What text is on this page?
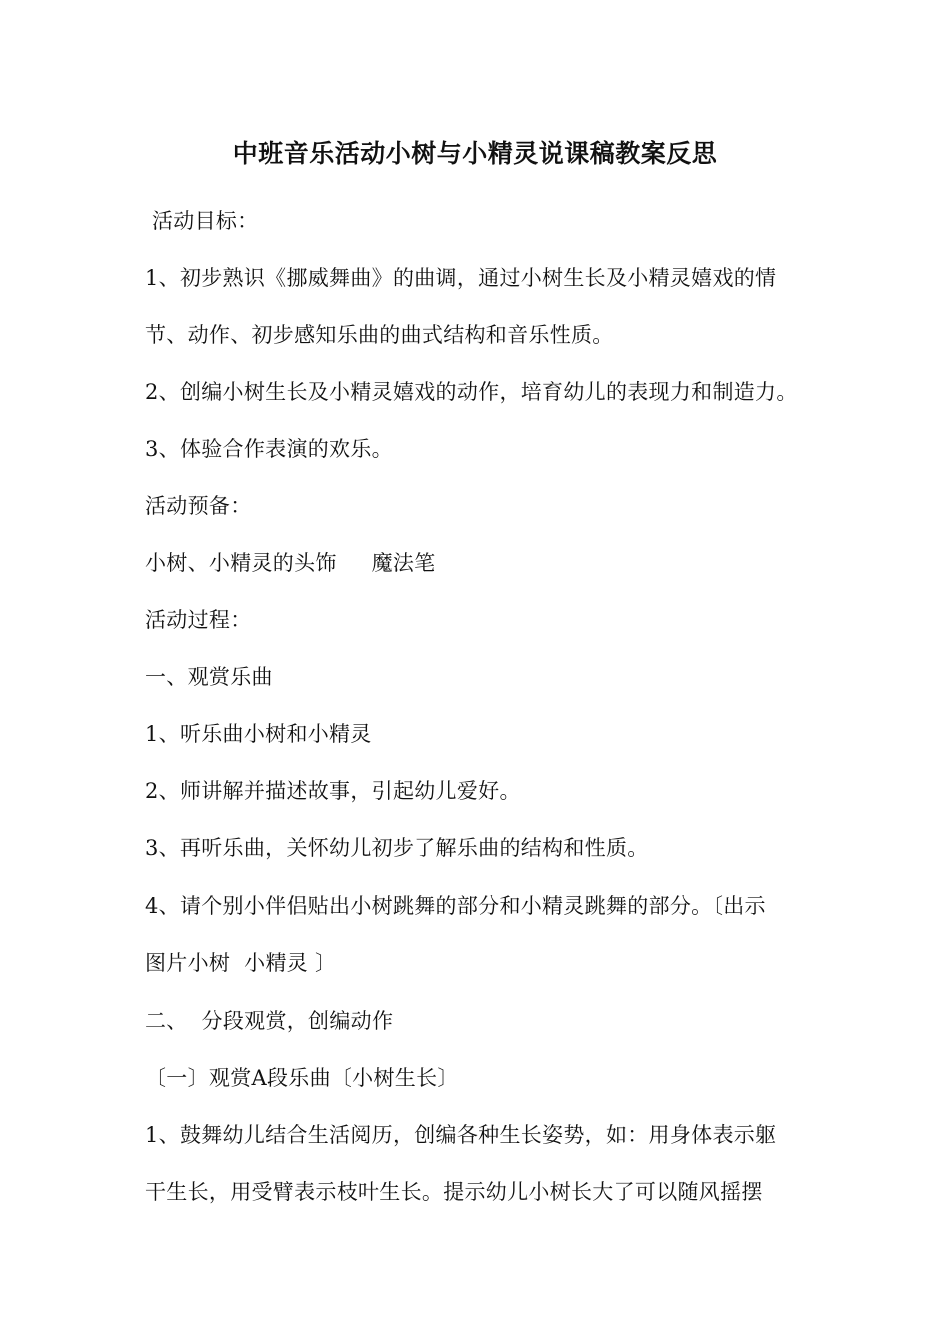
中班音乐活动小树与小精灵说课稿教案反思
活动目标：
1、初步熟识《挪威舞曲》的曲调，通过小树生长及小精灵嬉戏的情
节、动作、初步感知乐曲的曲式结构和音乐性质。
2、创编小树生长及小精灵嬉戏的动作，培育幼儿的表现力和制造力。
3、体验合作表演的欢乐。
活动预备：
小树、小精灵的头饰     魔法笔
活动过程：
一、观赏乐曲
1、听乐曲小树和小精灵
2、师讲解并描述故事，引起幼儿爱好。
3、再听乐曲，关怀幼儿初步了解乐曲的结构和性质。
4、请个别小伴侣贴出小树跳舞的部分和小精灵跳舞的部分。〔出示
图片小树  小精灵 〕
二、  分段观赏，创编动作
〔一〕观赏A段乐曲〔小树生长〕
1、鼓舞幼儿结合生活阅历，创编各种生长姿势，如：用身体表示躯
干生长，用受臂表示枝叶生长。提示幼儿小树长大了可以随风摇摆
